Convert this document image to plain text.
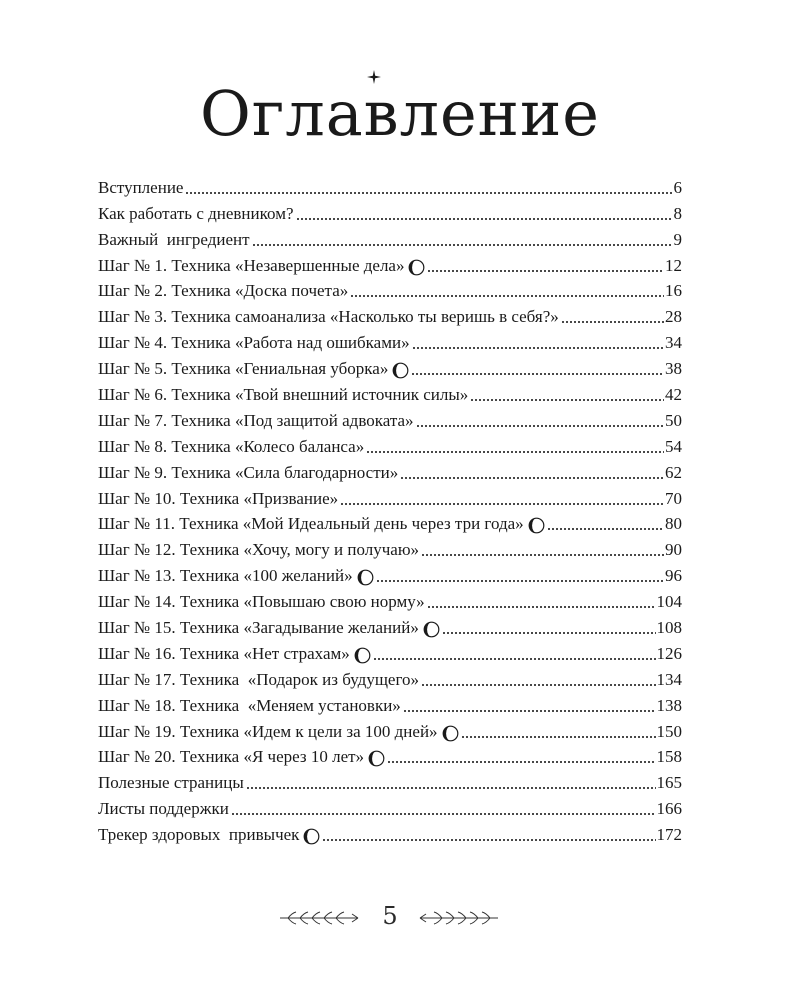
Оглавление
Вступление	6
Как работать с дневником?	8
Важный  ингредиент	9
Шаг № 1. Техника «Незавершенные дела»	12
Шаг № 2. Техника «Доска почета»	16
Шаг № 3. Техника самоанализа «Насколько ты веришь в себя?»	28
Шаг № 4. Техника «Работа над ошибками»	34
Шаг № 5. Техника «Гениальная уборка»	38
Шаг № 6. Техника «Твой внешний источник силы»	42
Шаг № 7. Техника «Под защитой адвоката»	50
Шаг № 8. Техника «Колесо баланса»	54
Шаг № 9. Техника «Сила благодарности»	62
Шаг № 10. Техника «Призвание»	70
Шаг № 11. Техника «Мой Идеальный день через три года»	80
Шаг № 12. Техника «Хочу, могу и получаю»	90
Шаг № 13. Техника «100 желаний»	96
Шаг № 14. Техника «Повышаю свою норму»	104
Шаг № 15. Техника «Загадывание желаний»	108
Шаг № 16. Техника «Нет страхам»	126
Шаг № 17. Техника  «Подарок из будущего»	134
Шаг № 18. Техника  «Меняем установки»	138
Шаг № 19. Техника «Идем к цели за 100 дней»	150
Шаг № 20. Техника «Я через 10 лет»	158
Полезные страницы	165
Листы поддержки	166
Трекер здоровых  привычек	172
5
